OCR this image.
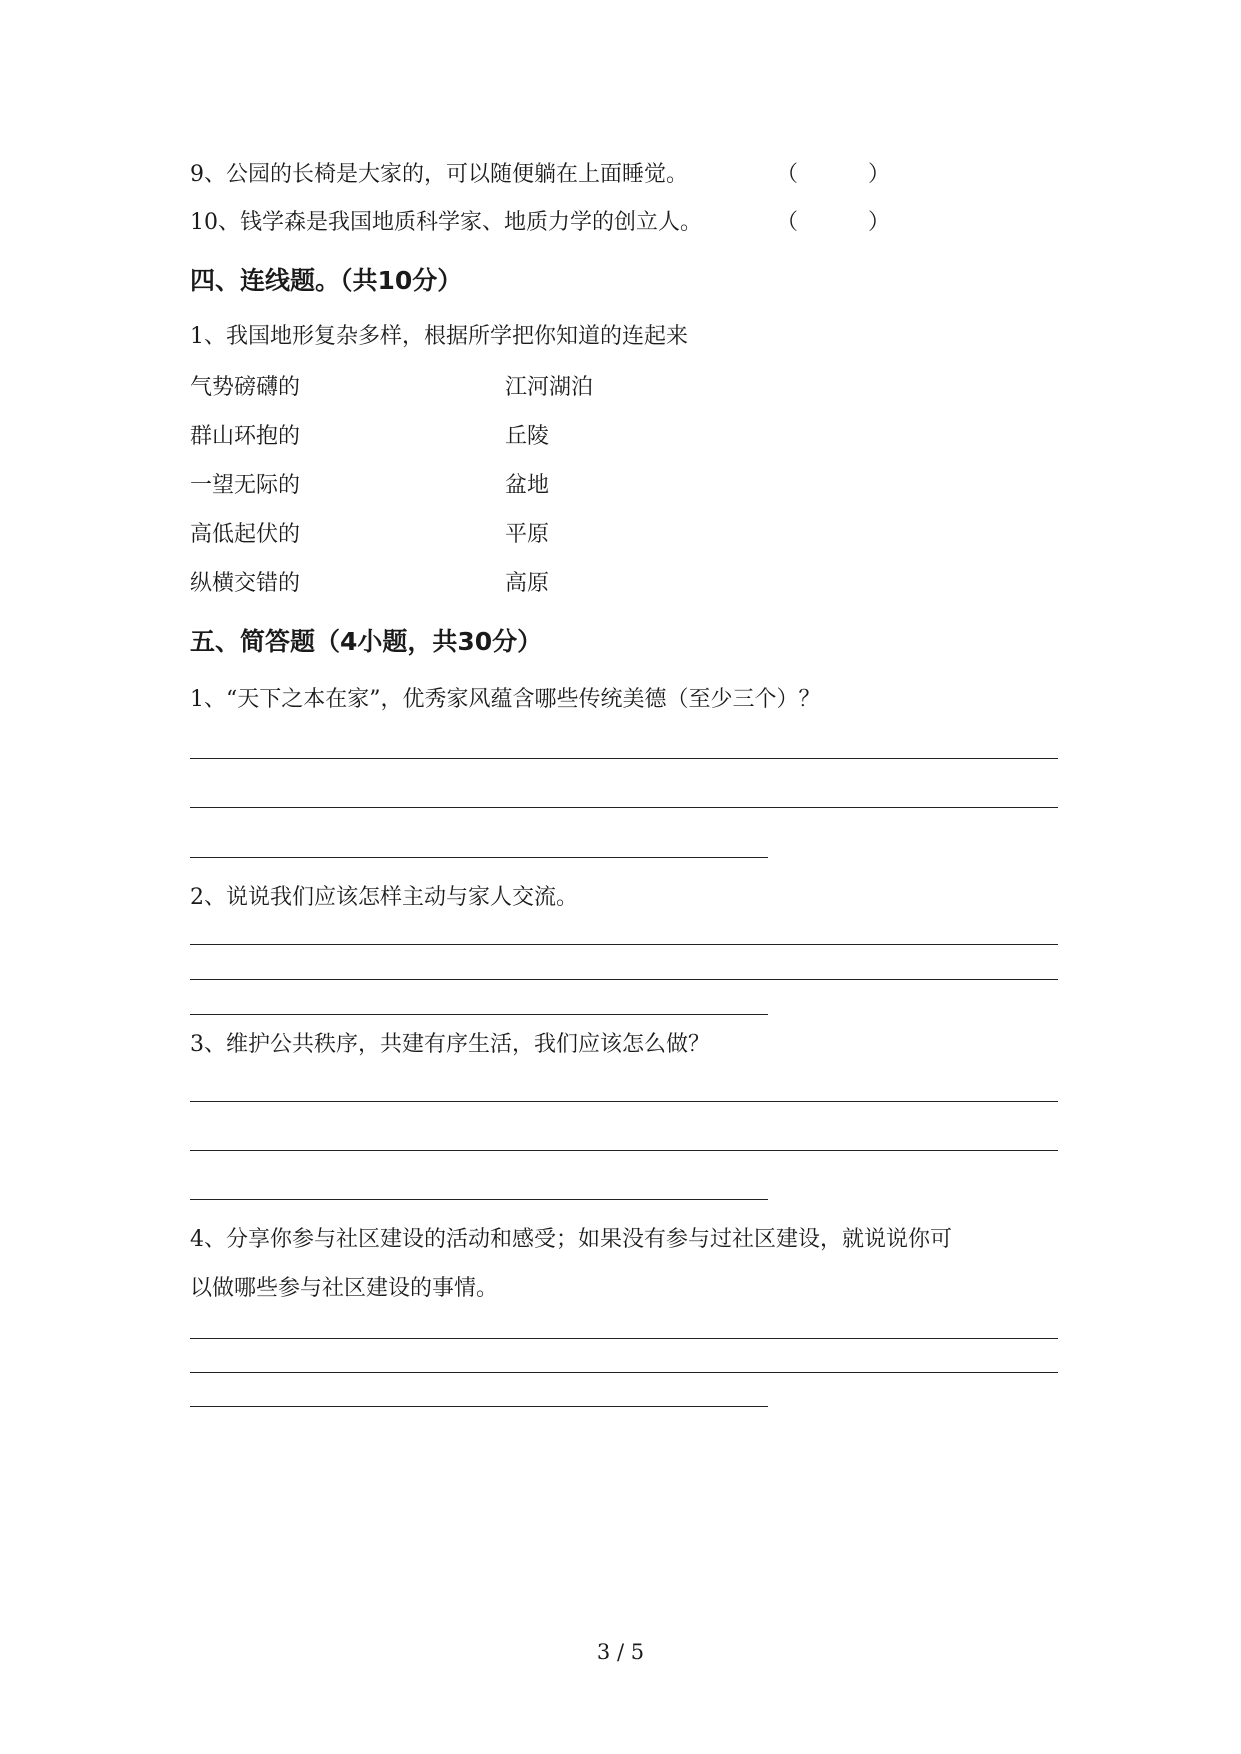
9、公园的长椅是大家的，可以随便躺在上面睡觉。	（	）
10、钱学森是我国地质科学家、地质力学的创立人。	（	）
四、连线题。（共10分）
1、我国地形复杂多样，根据所学把你知道的连起来
气势磅礴的	江河湖泊
群山环抱的	丘陵
一望无际的	盆地
高低起伏的	平原
纵横交错的	高原
五、简答题（4小题，共30分）
1、“天下之本在家”，优秀家风蕴含哪些传统美德（至少三个）？
2、说说我们应该怎样主动与家人交流。
3、维护公共秩序，共建有序生活，我们应该怎么做？
4、分享你参与社区建设的活动和感受；如果没有参与过社区建设，就说说你可
以做哪些参与社区建设的事情。
3 / 5
